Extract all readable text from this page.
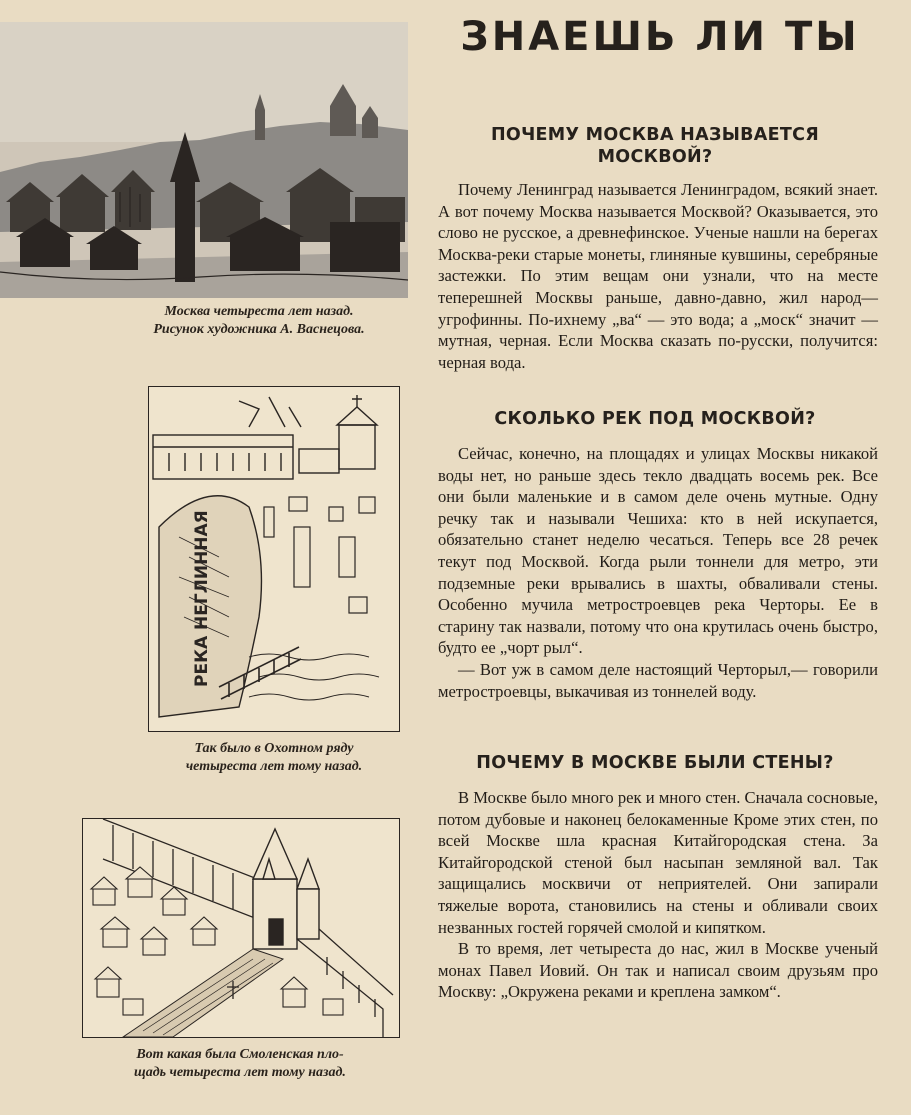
Москва четыреста лет назад.
Рисунок художника А. Васнецова.
РЕКА НЕГЛИННАЯ
Так было в Охотном ряду
четыреста лет тому назад.
Вот какая была Смоленская пло-
щадь четыреста лет тому назад.
ЗНАЕШЬ ЛИ ТЫ
ПОЧЕМУ МОСКВА НАЗЫВАЕТСЯ
МОСКВОЙ?

Почему Ленинград называется Ленинградом, всякий знает. А вот почему Москва называется Москвой? Оказывается, это слово не русское, а древнефинское. Ученые нашли на берегах Москва-реки старые монеты, глиняные кувшины, серебряные застежки. По этим вещам они узнали, что на месте теперешней Москвы раньше, давно-давно, жил народ—угрофинны. По-ихнему „ва“ — это вода; а „моск“ значит — мутная, черная. Если Москва сказать по-русски, получится: черная вода.

СКОЛЬКО РЕК ПОД МОСКВОЙ?

Сейчас, конечно, на площадях и улицах Москвы никакой воды нет, но раньше здесь текло двадцать восемь рек. Все они были маленькие и в самом деле очень мутные. Одну речку так и называли Чешиха: кто в ней искупается, обязательно станет неделю чесаться. Теперь все 28 речек текут под Москвой. Когда рыли тоннели для метро, эти подземные реки врывались в шахты, обваливали стены. Особенно мучила метростроевцев река Черторы. Ее в старину так назвали, потому что она крутилась очень быстро, будто ее „чорт рыл“.

— Вот уж в самом деле настоящий Черторыл,— говорили метростроевцы, выкачивая из тоннелей воду.

ПОЧЕМУ В МОСКВЕ БЫЛИ СТЕНЫ?

В Москве было много рек и много стен. Сначала сосновые, потом дубовые и наконец белокаменные Кроме этих стен, по всей Москве шла красная Китайгородская стена. За Китайгородской стеной был насыпан земляной вал. Так защищались москвичи от неприятелей. Они запирали тяжелые ворота, становились на стены и обливали своих незванных гостей горячей смолой и кипятком.

В то время, лет четыреста до нас, жил в Москве ученый монах Павел Иовий. Он так и написал своим друзьям про Москву: „Окружена реками и креплена замком“.
